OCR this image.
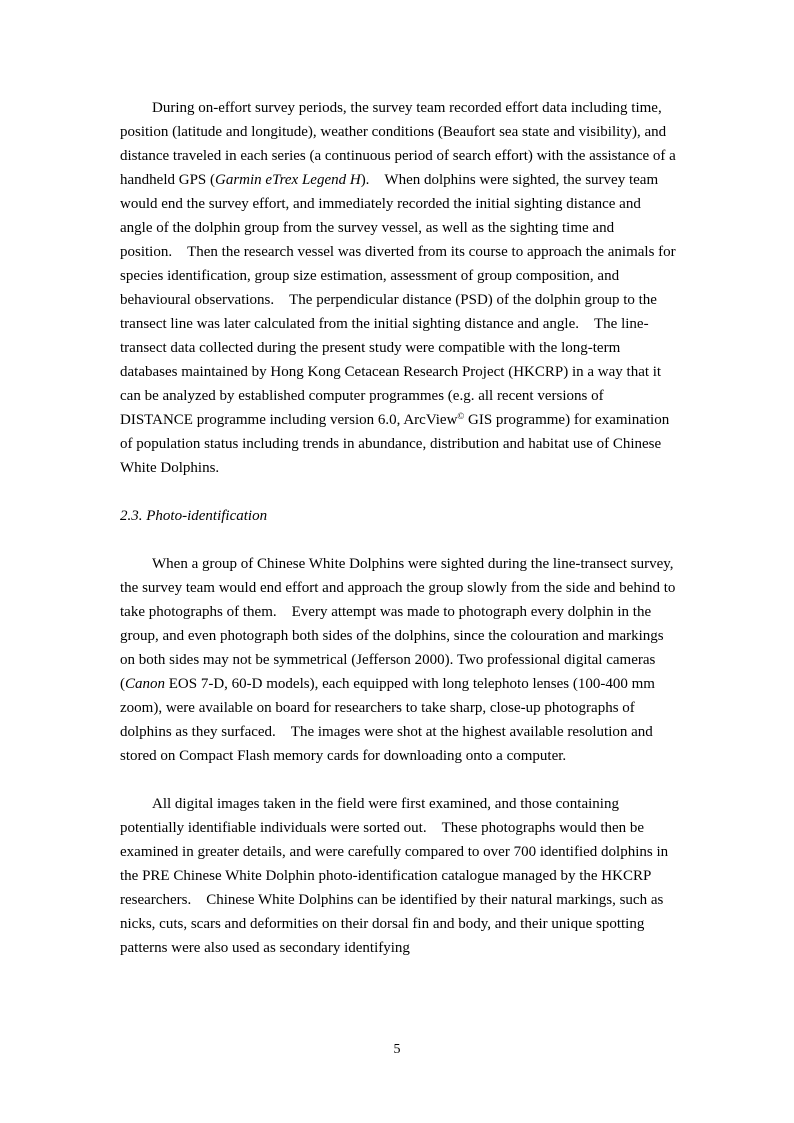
During on-effort survey periods, the survey team recorded effort data including time, position (latitude and longitude), weather conditions (Beaufort sea state and visibility), and distance traveled in each series (a continuous period of search effort) with the assistance of a handheld GPS (Garmin eTrex Legend H). When dolphins were sighted, the survey team would end the survey effort, and immediately recorded the initial sighting distance and angle of the dolphin group from the survey vessel, as well as the sighting time and position. Then the research vessel was diverted from its course to approach the animals for species identification, group size estimation, assessment of group composition, and behavioural observations. The perpendicular distance (PSD) of the dolphin group to the transect line was later calculated from the initial sighting distance and angle. The line-transect data collected during the present study were compatible with the long-term databases maintained by Hong Kong Cetacean Research Project (HKCRP) in a way that it can be analyzed by established computer programmes (e.g. all recent versions of DISTANCE programme including version 6.0, ArcView© GIS programme) for examination of population status including trends in abundance, distribution and habitat use of Chinese White Dolphins.

2.3. Photo-identification

When a group of Chinese White Dolphins were sighted during the line-transect survey, the survey team would end effort and approach the group slowly from the side and behind to take photographs of them. Every attempt was made to photograph every dolphin in the group, and even photograph both sides of the dolphins, since the colouration and markings on both sides may not be symmetrical (Jefferson 2000). Two professional digital cameras (Canon EOS 7-D, 60-D models), each equipped with long telephoto lenses (100-400 mm zoom), were available on board for researchers to take sharp, close-up photographs of dolphins as they surfaced. The images were shot at the highest available resolution and stored on Compact Flash memory cards for downloading onto a computer.

All digital images taken in the field were first examined, and those containing potentially identifiable individuals were sorted out. These photographs would then be examined in greater details, and were carefully compared to over 700 identified dolphins in the PRE Chinese White Dolphin photo-identification catalogue managed by the HKCRP researchers. Chinese White Dolphins can be identified by their natural markings, such as nicks, cuts, scars and deformities on their dorsal fin and body, and their unique spotting patterns were also used as secondary identifying

5
